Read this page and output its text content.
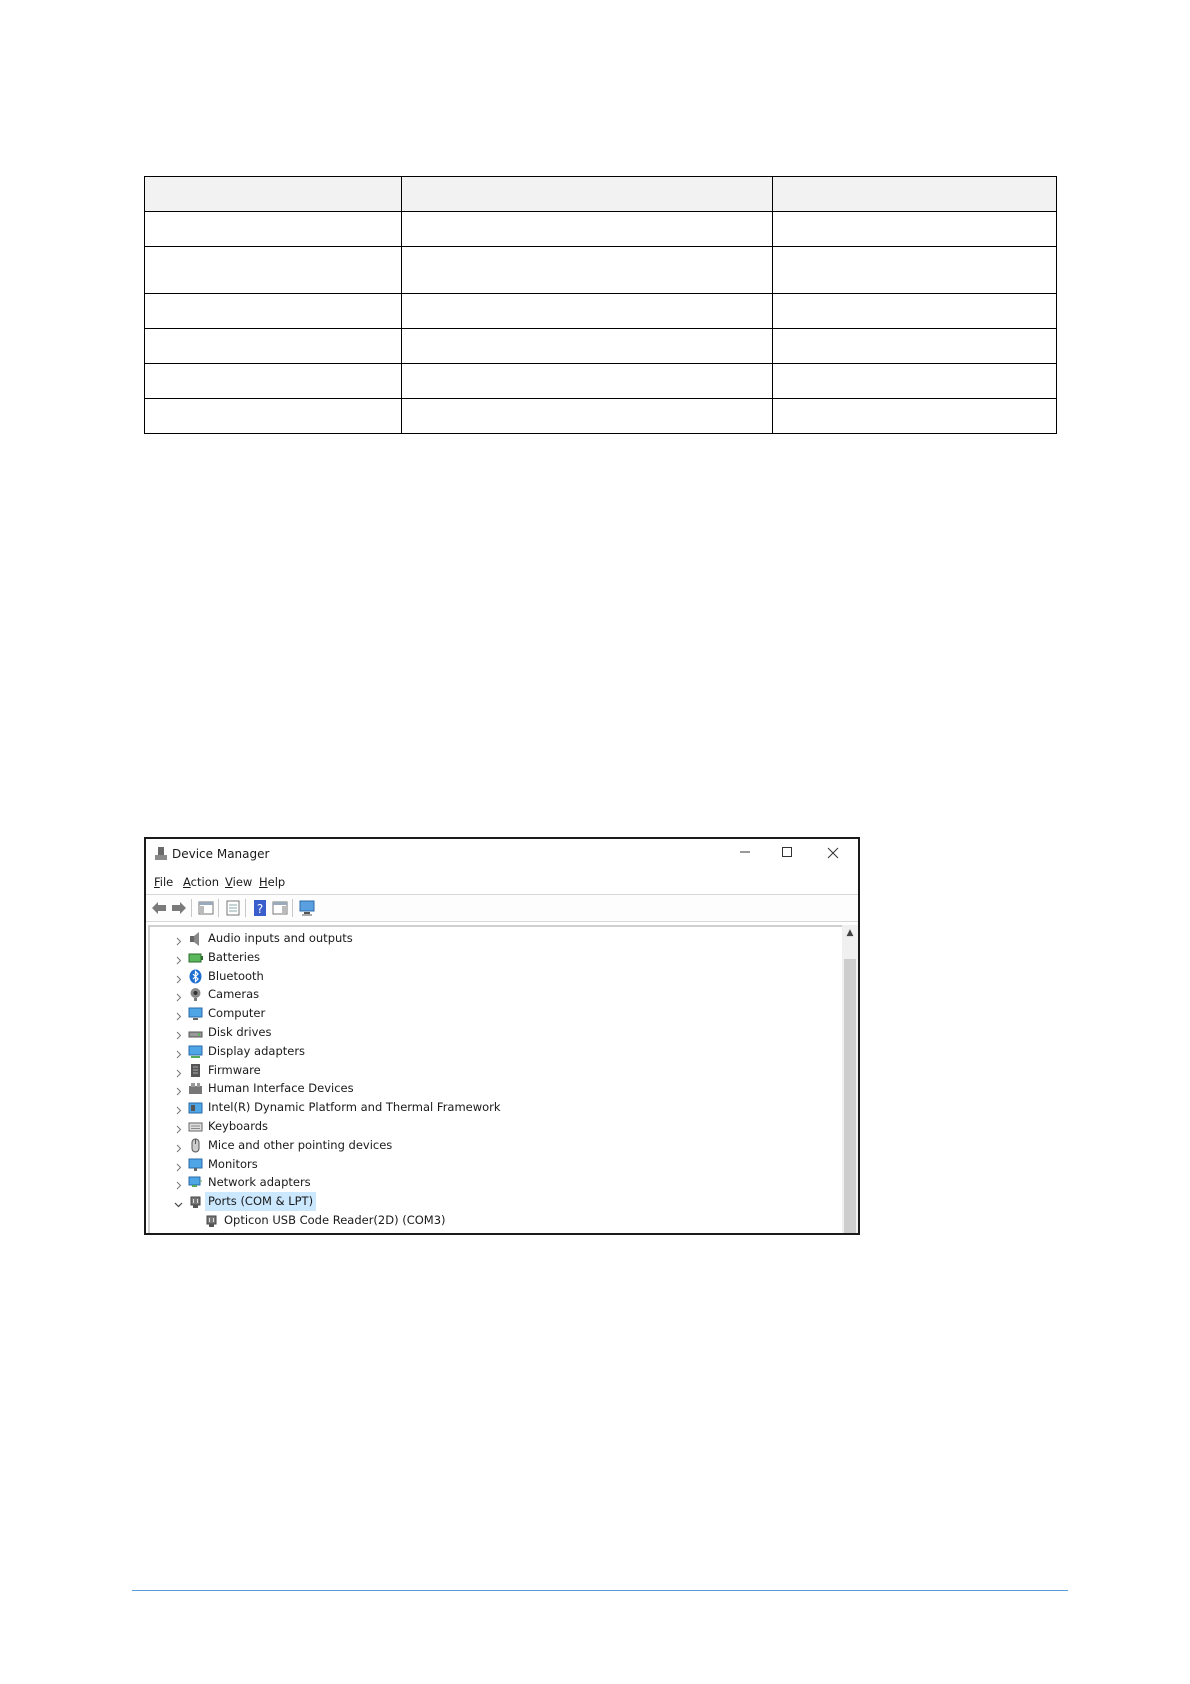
Device Manager
File Action View Help
?
Audio inputs and outputs
Batteries
Bluetooth
Cameras
Computer
Disk drives
Display adapters
Firmware
Human Interface Devices
Intel(R) Dynamic Platform and Thermal Framework
Keyboards
Mice and other pointing devices
Monitors
Network adapters
Ports (COM & LPT)
Opticon USB Code Reader(2D) (COM3)
▲
